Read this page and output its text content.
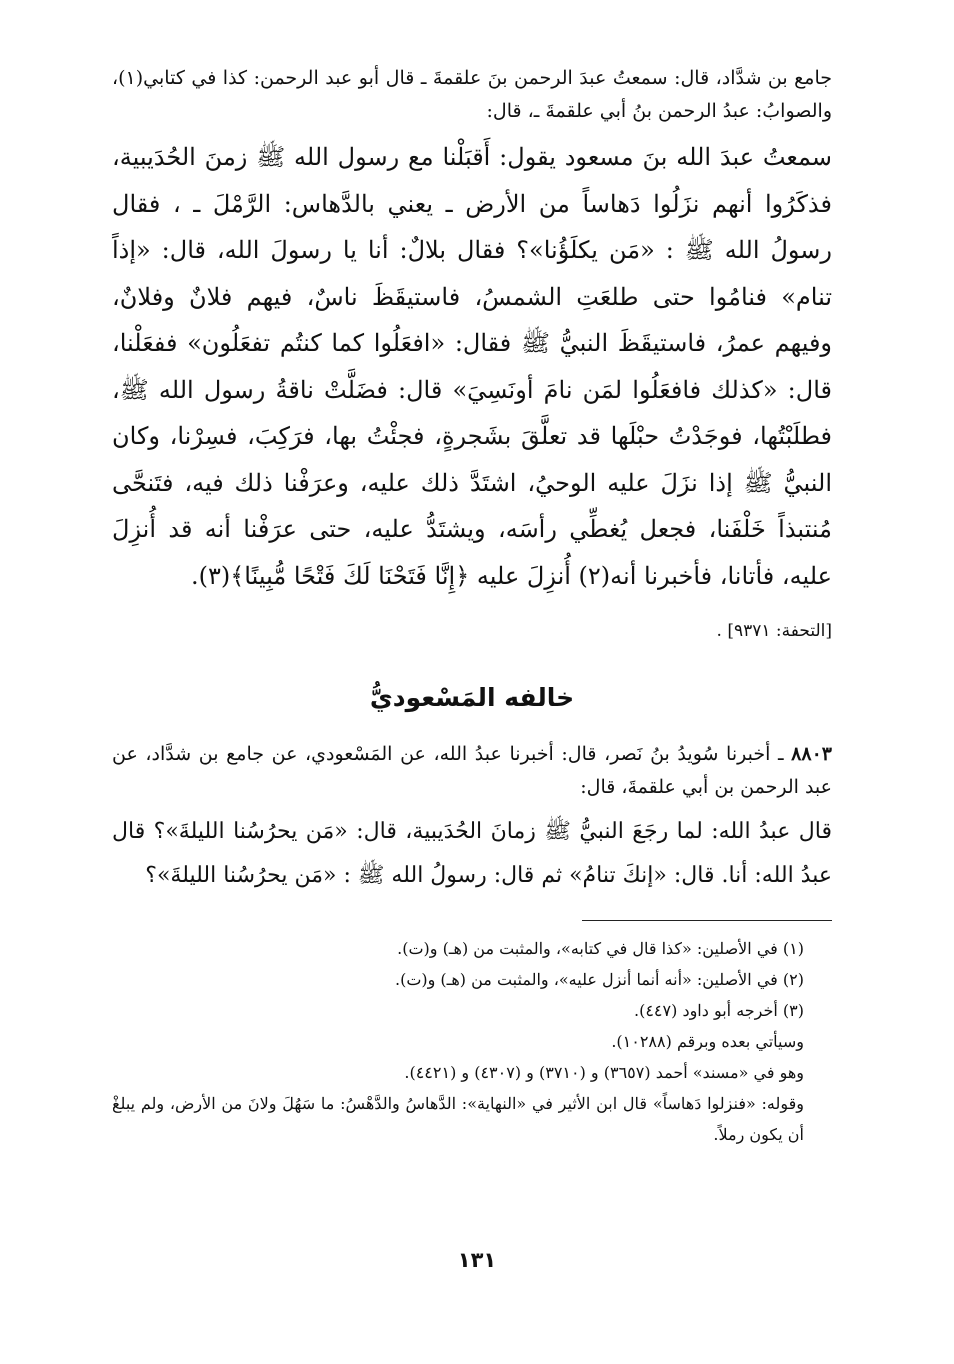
جامع بن شدَّاد، قال: سمعتُ عبدَ الرحمن بنَ علقمةَ ـ قال أبو عبد الرحمن: كذا في كتابي(١)، والصوابُ: عبدُ الرحمن بنُ أبي علقمةَ ـ، قال:

سمعتُ عبدَ الله بنَ مسعود يقول: أَقبَلْنا مع رسول الله ﷺ زمنَ الحُدَيبية، فذكَرُوا أنهم نزَلُوا دَهاساً من الأرض ـ يعني بالدَّهاس: الرَّمْلَ ـ ، فقال رسولُ الله ﷺ : «مَن يكلَؤُنا»؟ فقال بلالٌ: أنا يا رسولَ الله، قال: «إذاً تنام» فنامُوا حتى طلعَتِ الشمسُ، فاستيقَظَ ناسٌ، فيهم فلانٌ وفلانٌ، وفيهم عمرُ، فاستيقَظَ النبيُّ ﷺ فقال: «افعَلُوا كما كنتُم تفعَلُون» ففعَلْنا، قال: «كذلك فافعَلُوا لمَن نامَ أونَسِيَ» قال: فضَلَّتْ ناقةُ رسول الله ﷺ، فطلَبْتُها، فوجَدْتُ حبْلَها قد تعلَّقَ بشَجرةٍ، فجئْتُ بها، فرَكِبَ، فسِرْنا، وكان النبيُّ ﷺ إذا نزَلَ عليه الوحيُ، اشتَدَّ ذلك عليه، وعرَفْنا ذلك فيه، فتَنحَّى مُنتبذاً خَلْفَنا، فجعل يُغطِّي رأسَه، ويشتَدُّ عليه، حتى عرَفْنا أنه قد أُنزِلَ عليه، فأتانا، فأخبرنا أنه(٢) أُنزِلَ عليه ﴿إِنَّا فَتَحْنَا لَكَ فَتْحًا مُّبِينًا﴾(٣).

[التحفة: ٩٣٧١] .

خالفه المَسْعوديُّ

٨٨٠٣ ـ أخبرنا سُويدُ بنُ نَصر، قال: أخبرنا عبدُ الله، عن المَسْعودي، عن جامع بن شدَّاد، عن عبد الرحمن بن أبي علقمةَ، قال:

قال عبدُ الله: لما رجَعَ النبيُّ ﷺ زمانَ الحُدَيبية، قال: «مَن يحرُسُنا الليلةَ»؟ قال عبدُ الله: أنا. قال: «إنكَ تنامُ» ثم قال: رسولُ الله ﷺ : «مَن يحرُسُنا الليلةَ»؟

(١) في الأصلين: «كذا قال في كتابه»، والمثبت من (هـ) و(ت).
(٢) في الأصلين: «أنه أنما أنزل عليه»، والمثبت من (هـ) و(ت).
(٣) أخرجه أبو داود (٤٤٧).
وسيأتي بعده وبرقم (١٠٢٨٨).
وهو في «مسند» أحمد (٣٦٥٧) و (٣٧١٠) و (٤٣٠٧) و (٤٤٢١).
وقوله: «فنزلوا دَهاساً» قال ابن الأثير في «النهاية»: الدَّهاسُ والدَّهْسُ: ما سَهُلَ ولانَ من الأرض، ولم يبلغْ أن يكون رملاً.
١٣١
